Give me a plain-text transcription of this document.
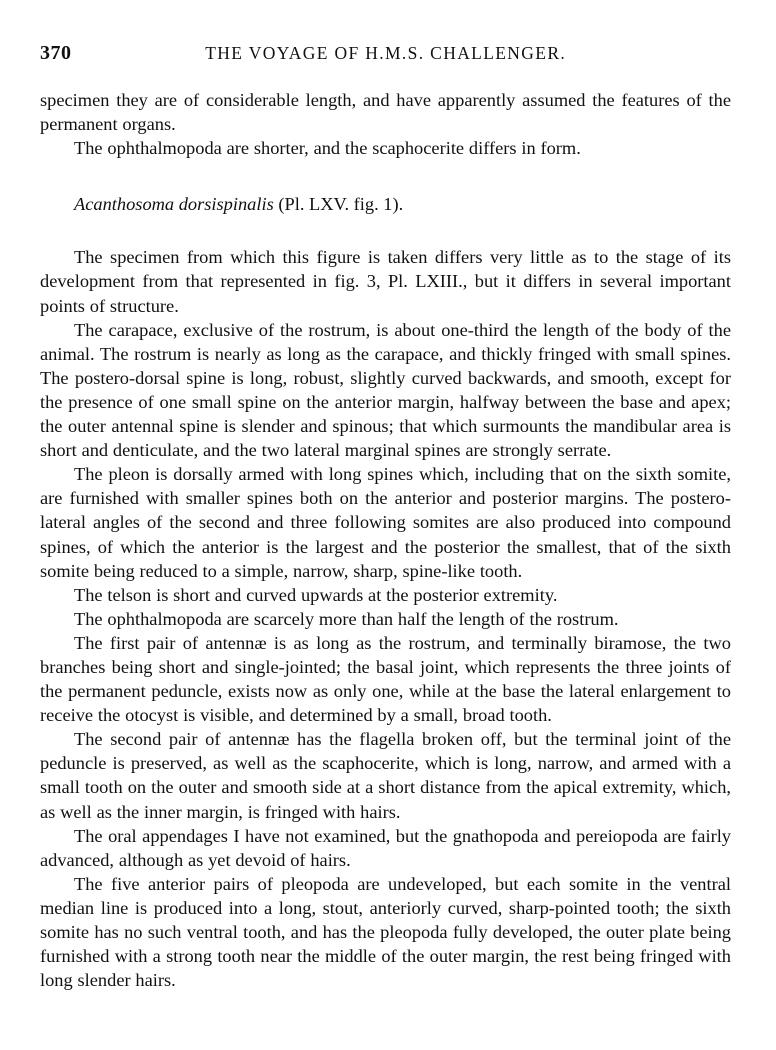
370	THE VOYAGE OF H.M.S. CHALLENGER.

specimen they are of considerable length, and have apparently assumed the features of the permanent organs.

The ophthalmopoda are shorter, and the scaphocerite differs in form.

Acanthosoma dorsispinalis (Pl. LXV. fig. 1).

The specimen from which this figure is taken differs very little as to the stage of its development from that represented in fig. 3, Pl. LXIII., but it differs in several important points of structure.

The carapace, exclusive of the rostrum, is about one-third the length of the body of the animal. The rostrum is nearly as long as the carapace, and thickly fringed with small spines. The postero-dorsal spine is long, robust, slightly curved backwards, and smooth, except for the presence of one small spine on the anterior margin, halfway between the base and apex; the outer antennal spine is slender and spinous; that which surmounts the mandibular area is short and denticulate, and the two lateral marginal spines are strongly serrate.

The pleon is dorsally armed with long spines which, including that on the sixth somite, are furnished with smaller spines both on the anterior and posterior margins. The postero-lateral angles of the second and three following somites are also produced into compound spines, of which the anterior is the largest and the posterior the smallest, that of the sixth somite being reduced to a simple, narrow, sharp, spine-like tooth.

The telson is short and curved upwards at the posterior extremity.

The ophthalmopoda are scarcely more than half the length of the rostrum.

The first pair of antennæ is as long as the rostrum, and terminally biramose, the two branches being short and single-jointed; the basal joint, which represents the three joints of the permanent peduncle, exists now as only one, while at the base the lateral enlargement to receive the otocyst is visible, and determined by a small, broad tooth.

The second pair of antennæ has the flagella broken off, but the terminal joint of the peduncle is preserved, as well as the scaphocerite, which is long, narrow, and armed with a small tooth on the outer and smooth side at a short distance from the apical extremity, which, as well as the inner margin, is fringed with hairs.

The oral appendages I have not examined, but the gnathopoda and pereiopoda are fairly advanced, although as yet devoid of hairs.

The five anterior pairs of pleopoda are undeveloped, but each somite in the ventral median line is produced into a long, stout, anteriorly curved, sharp-pointed tooth; the sixth somite has no such ventral tooth, and has the pleopoda fully developed, the outer plate being furnished with a strong tooth near the middle of the outer margin, the rest being fringed with long slender hairs.
